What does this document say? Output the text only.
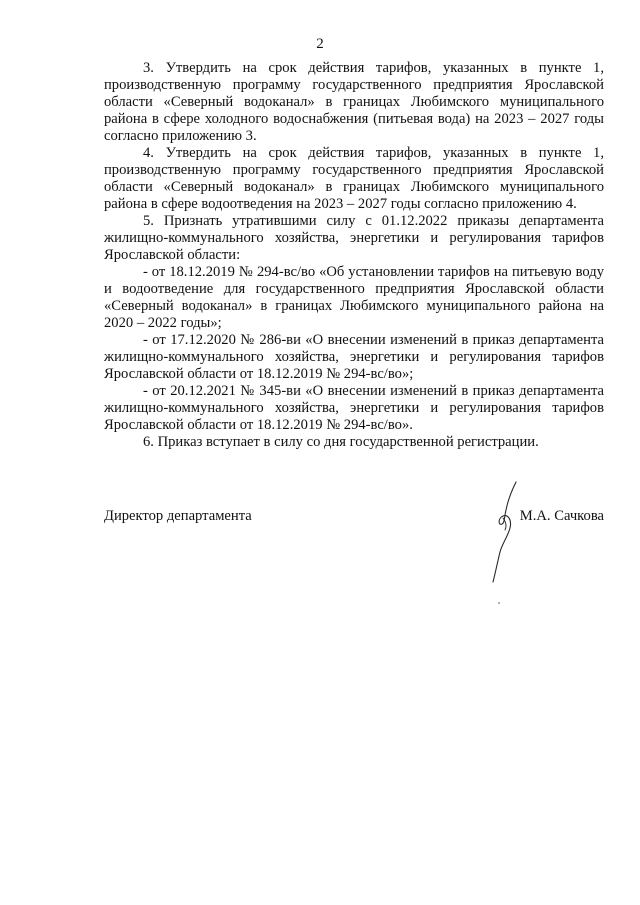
2

3. Утвердить на срок действия тарифов, указанных в пункте 1, производственную программу государственного предприятия Ярославской области «Северный водоканал» в границах Любимского муниципального района в сфере холодного водоснабжения (питьевая вода) на 2023 – 2027 годы согласно приложению 3.

4. Утвердить на срок действия тарифов, указанных в пункте 1, производственную программу государственного предприятия Ярославской области «Северный водоканал» в границах Любимского муниципального района в сфере водоотведения на 2023 – 2027 годы согласно приложению 4.

5. Признать утратившими силу с 01.12.2022 приказы департамента жилищно-коммунального хозяйства, энергетики и регулирования тарифов Ярославской области:

- от 18.12.2019 № 294-вс/во «Об установлении тарифов на питьевую воду и водоотведение для государственного предприятия Ярославской области «Северный водоканал» в границах Любимского муниципального района на 2020 – 2022 годы»;

- от 17.12.2020 № 286-ви «О внесении изменений в приказ департамента жилищно-коммунального хозяйства, энергетики и регулирования тарифов Ярославской области от 18.12.2019 № 294-вс/во»;

- от 20.12.2021 № 345-ви «О внесении изменений в приказ департамента жилищно-коммунального хозяйства, энергетики и регулирования тарифов Ярославской области от 18.12.2019 № 294-вс/во».

6. Приказ вступает в силу со дня государственной регистрации.

Директор департамента	М.А. Сачкова
